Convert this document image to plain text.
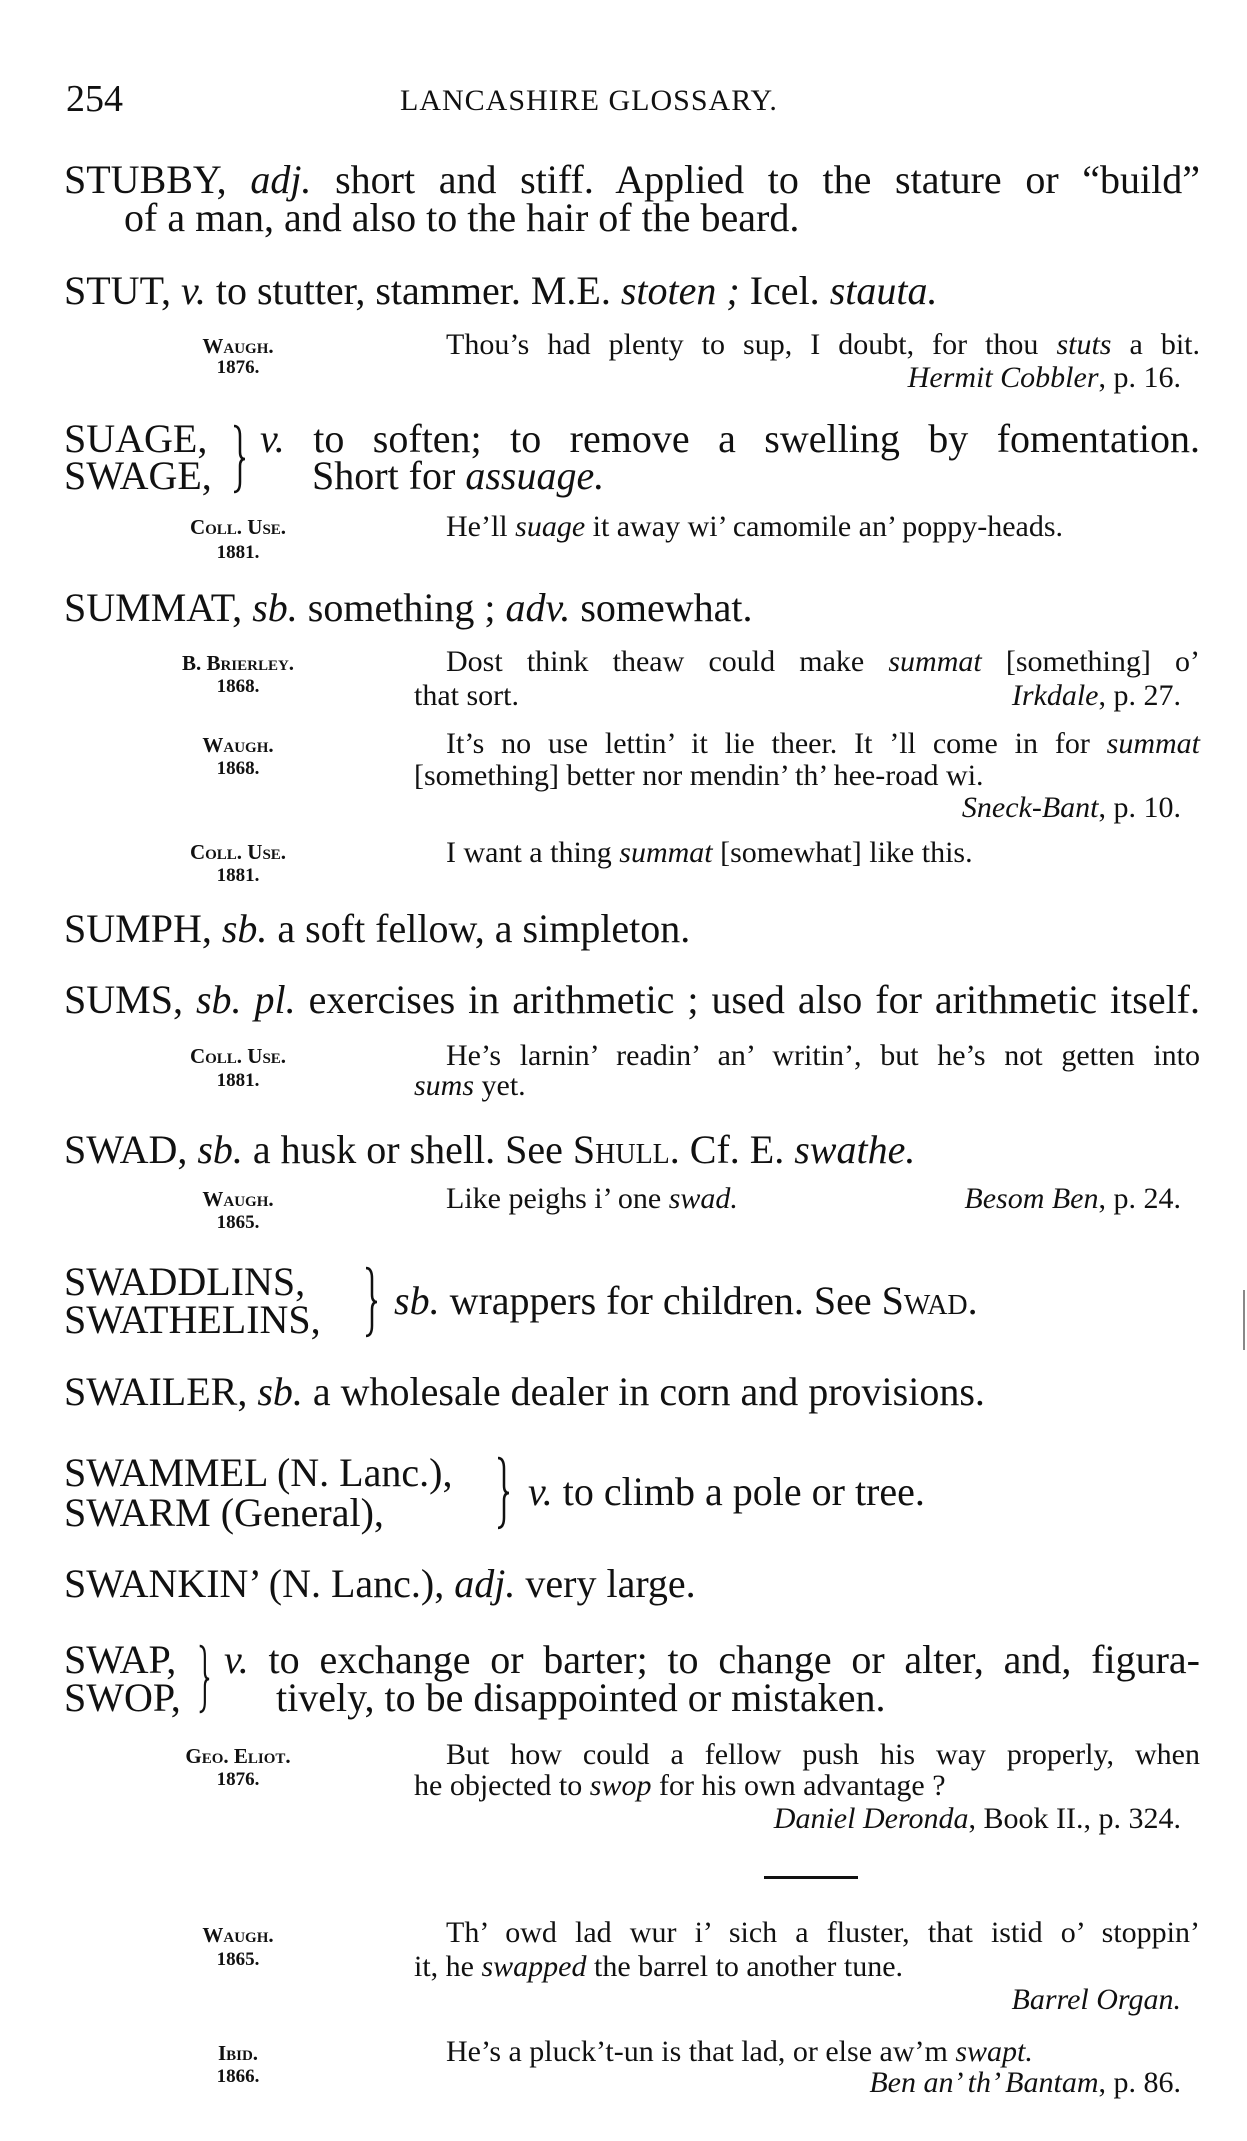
254	LANCASHIRE GLOSSARY.
STUBBY, adj. short and stiff. Applied to the stature or “build”
of a man, and also to the hair of the beard.
STUT, v. to stutter, stammer. M.E. stoten ; Icel. stauta.
Waugh.
1876.
Thou’s had plenty to sup, I doubt, for thou stuts a bit.
Hermit Cobbler, p. 16.
SUAGE,
SWAGE,
v. to soften; to remove a swelling by fomentation.
Short for assuage.
Coll. Use.
1881.
He’ll suage it away wi’ camomile an’ poppy-heads.
SUMMAT, sb. something ; adv. somewhat.
B. Brierley.
1868.
Dost think theaw could make summat [something] o’
that sort.	Irkdale, p. 27.
Waugh.
1868.
It’s no use lettin’ it lie theer. It ’ll come in for summat
[something] better nor mendin’ th’ hee-road wi.
Sneck-Bant, p. 10.
Coll. Use.
1881.
I want a thing summat [somewhat] like this.
SUMPH, sb. a soft fellow, a simpleton.
SUMS, sb. pl. exercises in arithmetic ; used also for arithmetic itself.
Coll. Use.
1881.
He’s larnin’ readin’ an’ writin’, but he’s not getten into
sums yet.
SWAD, sb. a husk or shell. See Shull. Cf. E. swathe.
Waugh.
1865.
Like peighs i’ one swad.	Besom Ben, p. 24.
SWADDLINS,
SWATHELINS, sb. wrappers for children. See Swad.
SWAILER, sb. a wholesale dealer in corn and provisions.
SWAMMEL (N. Lanc.),
SWARM (General),	v. to climb a pole or tree.
SWANKIN’ (N. Lanc.), adj. very large.
SWAP,
SWOP,
v. to exchange or barter; to change or alter, and, figura-
tively, to be disappointed or mistaken.
Geo. Eliot.
1876.
But how could a fellow push his way properly, when
he objected to swop for his own advantage ?
Daniel Deronda, Book II., p. 324.
Waugh.
1865.
Th’ owd lad wur i’ sich a fluster, that istid o’ stoppin’
it, he swapped the barrel to another tune.
Barrel Organ.
Ibid.
1866.
He’s a pluck’t-un is that lad, or else aw’m swapt.
Ben an’ th’ Bantam, p. 86.
